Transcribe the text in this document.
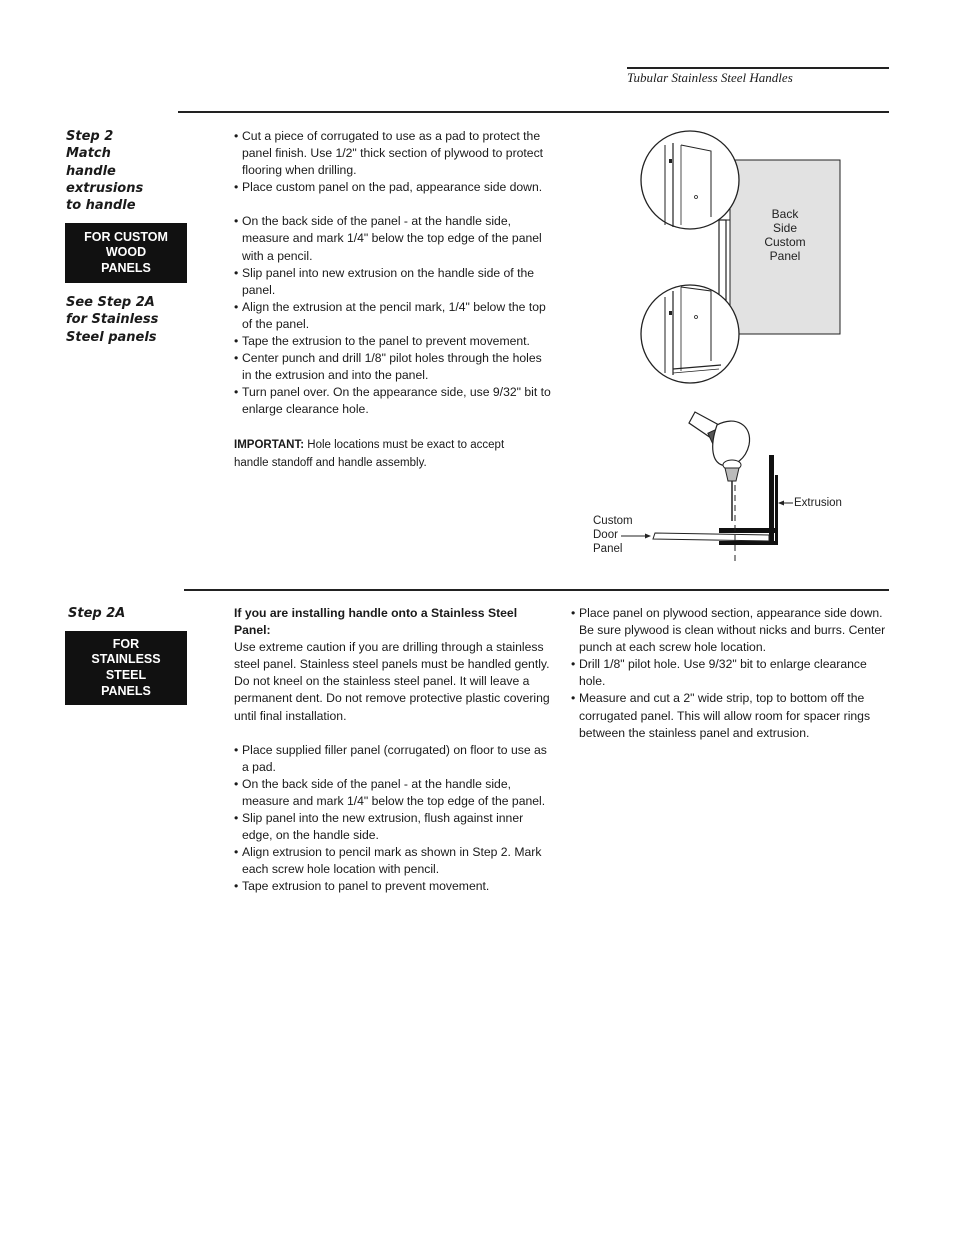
Tubular Stainless Steel Handles
Step 2
Match
handle
extrusions
to handle
FOR CUSTOM
WOOD
PANELS
See Step 2A
for Stainless
Steel panels
• Cut a piece of corrugated to use as a pad to protect the panel finish. Use 1/2" thick section of plywood to protect flooring when drilling.
• Place custom panel on the pad, appearance side down.
• On the back side of the panel - at the handle side, measure and mark 1/4" below the top edge of the panel with a pencil.
• Slip panel into new extrusion on the handle side of the panel.
• Align the extrusion at the pencil mark, 1/4" below the top of the panel.
• Tape the extrusion to the panel to prevent movement.
• Center punch and drill 1/8" pilot holes through the holes in the extrusion and into the panel.
• Turn panel over. On the appearance side, use 9/32" bit to enlarge clearance hole.
IMPORTANT: Hole locations must be exact to accept handle standoff and handle assembly.
Back
Side
Custom
Panel
Extrusion
Custom
Door
Panel
Step 2A
FOR
STAINLESS
STEEL
PANELS
If you are installing handle onto a Stainless Steel Panel:
Use extreme caution if you are drilling through a stainless steel panel. Stainless steel panels must be handled gently. Do not kneel on the stainless steel panel. It will leave a permanent dent. Do not remove protective plastic covering until final installation.
• Place supplied filler panel (corrugated) on floor to use as a pad.
• On the back side of the panel - at the handle side, measure and mark 1/4" below the top edge of the panel.
• Slip panel into the new extrusion, flush against inner edge, on the handle side.
• Align extrusion to pencil mark as shown in Step 2. Mark each screw hole location with pencil.
• Tape extrusion to panel to prevent movement.
• Place panel on plywood section, appearance side down. Be sure plywood is clean without nicks and burrs. Center punch at each screw hole location.
• Drill 1/8" pilot hole. Use 9/32" bit to enlarge clearance hole.
• Measure and cut a 2" wide strip, top to bottom off the corrugated panel. This will allow room for spacer rings between the stainless panel and extrusion.
